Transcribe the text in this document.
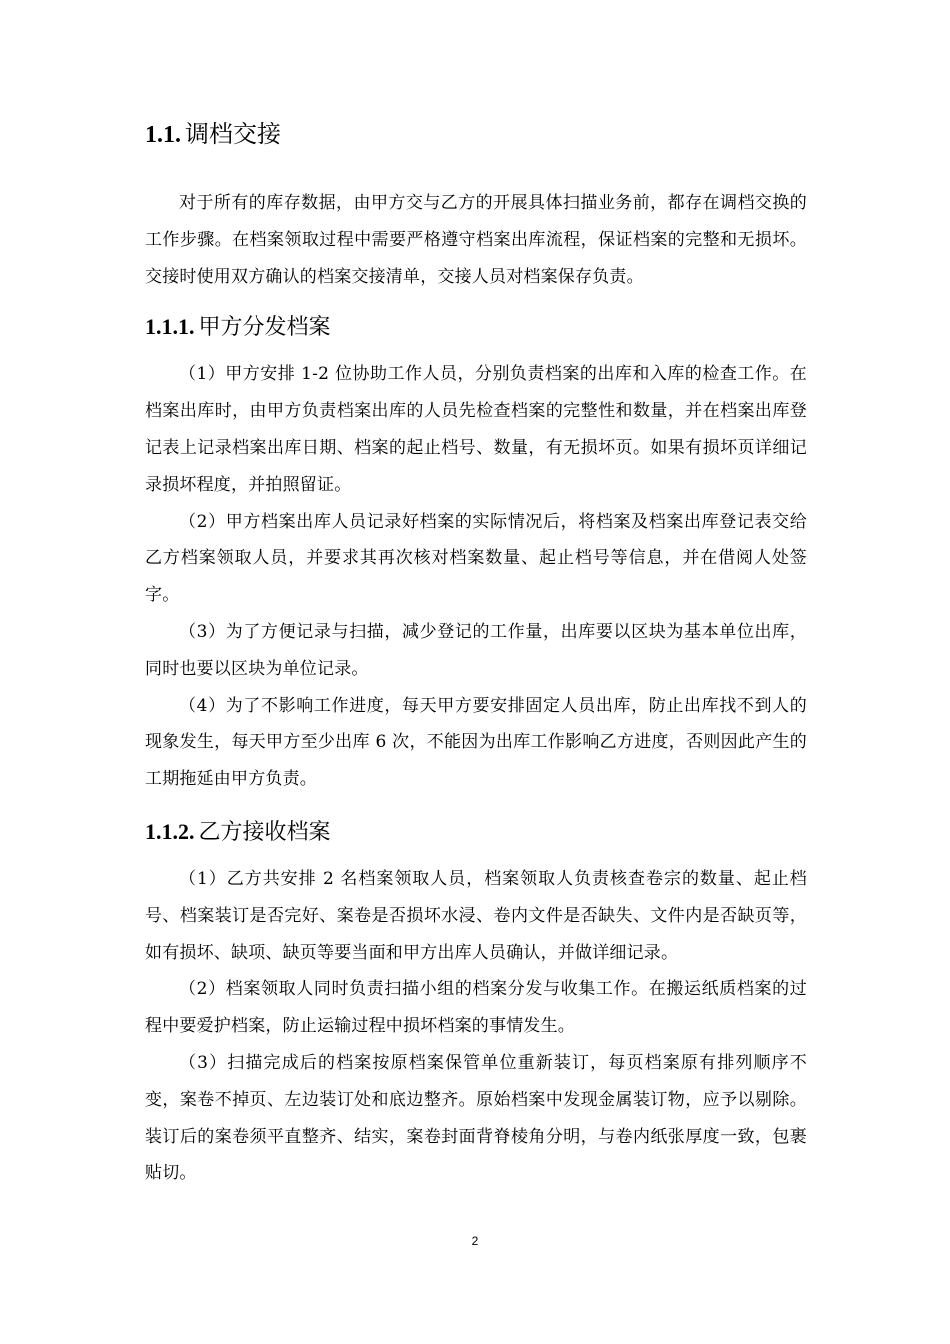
1.1. 调档交接

对于所有的库存数据，由甲方交与乙方的开展具体扫描业务前，都存在调档交换的工作步骤。在档案领取过程中需要严格遵守档案出库流程，保证档案的完整和无损坏。交接时使用双方确认的档案交接清单，交接人员对档案保存负责。

1.1.1. 甲方分发档案

（1）甲方安排 1-2 位协助工作人员，分别负责档案的出库和入库的检查工作。在档案出库时，由甲方负责档案出库的人员先检查档案的完整性和数量，并在档案出库登记表上记录档案出库日期、档案的起止档号、数量，有无损坏页。如果有损坏页详细记录损坏程度，并拍照留证。

（2）甲方档案出库人员记录好档案的实际情况后，将档案及档案出库登记表交给乙方档案领取人员，并要求其再次核对档案数量、起止档号等信息，并在借阅人处签字。

（3）为了方便记录与扫描，减少登记的工作量，出库要以区块为基本单位出库，同时也要以区块为单位记录。

（4）为了不影响工作进度，每天甲方要安排固定人员出库，防止出库找不到人的现象发生，每天甲方至少出库 6 次，不能因为出库工作影响乙方进度，否则因此产生的工期拖延由甲方负责。

1.1.2. 乙方接收档案

（1）乙方共安排 2 名档案领取人员，档案领取人负责核查卷宗的数量、起止档号、档案装订是否完好、案卷是否损坏水浸、卷内文件是否缺失、文件内是否缺页等，如有损坏、缺项、缺页等要当面和甲方出库人员确认，并做详细记录。

（2）档案领取人同时负责扫描小组的档案分发与收集工作。在搬运纸质档案的过程中要爱护档案，防止运输过程中损坏档案的事情发生。

（3）扫描完成后的档案按原档案保管单位重新装订，每页档案原有排列顺序不变，案卷不掉页、左边装订处和底边整齐。原始档案中发现金属装订物，应予以剔除。装订后的案卷须平直整齐、结实，案卷封面背脊棱角分明，与卷内纸张厚度一致，包裹贴切。

2
